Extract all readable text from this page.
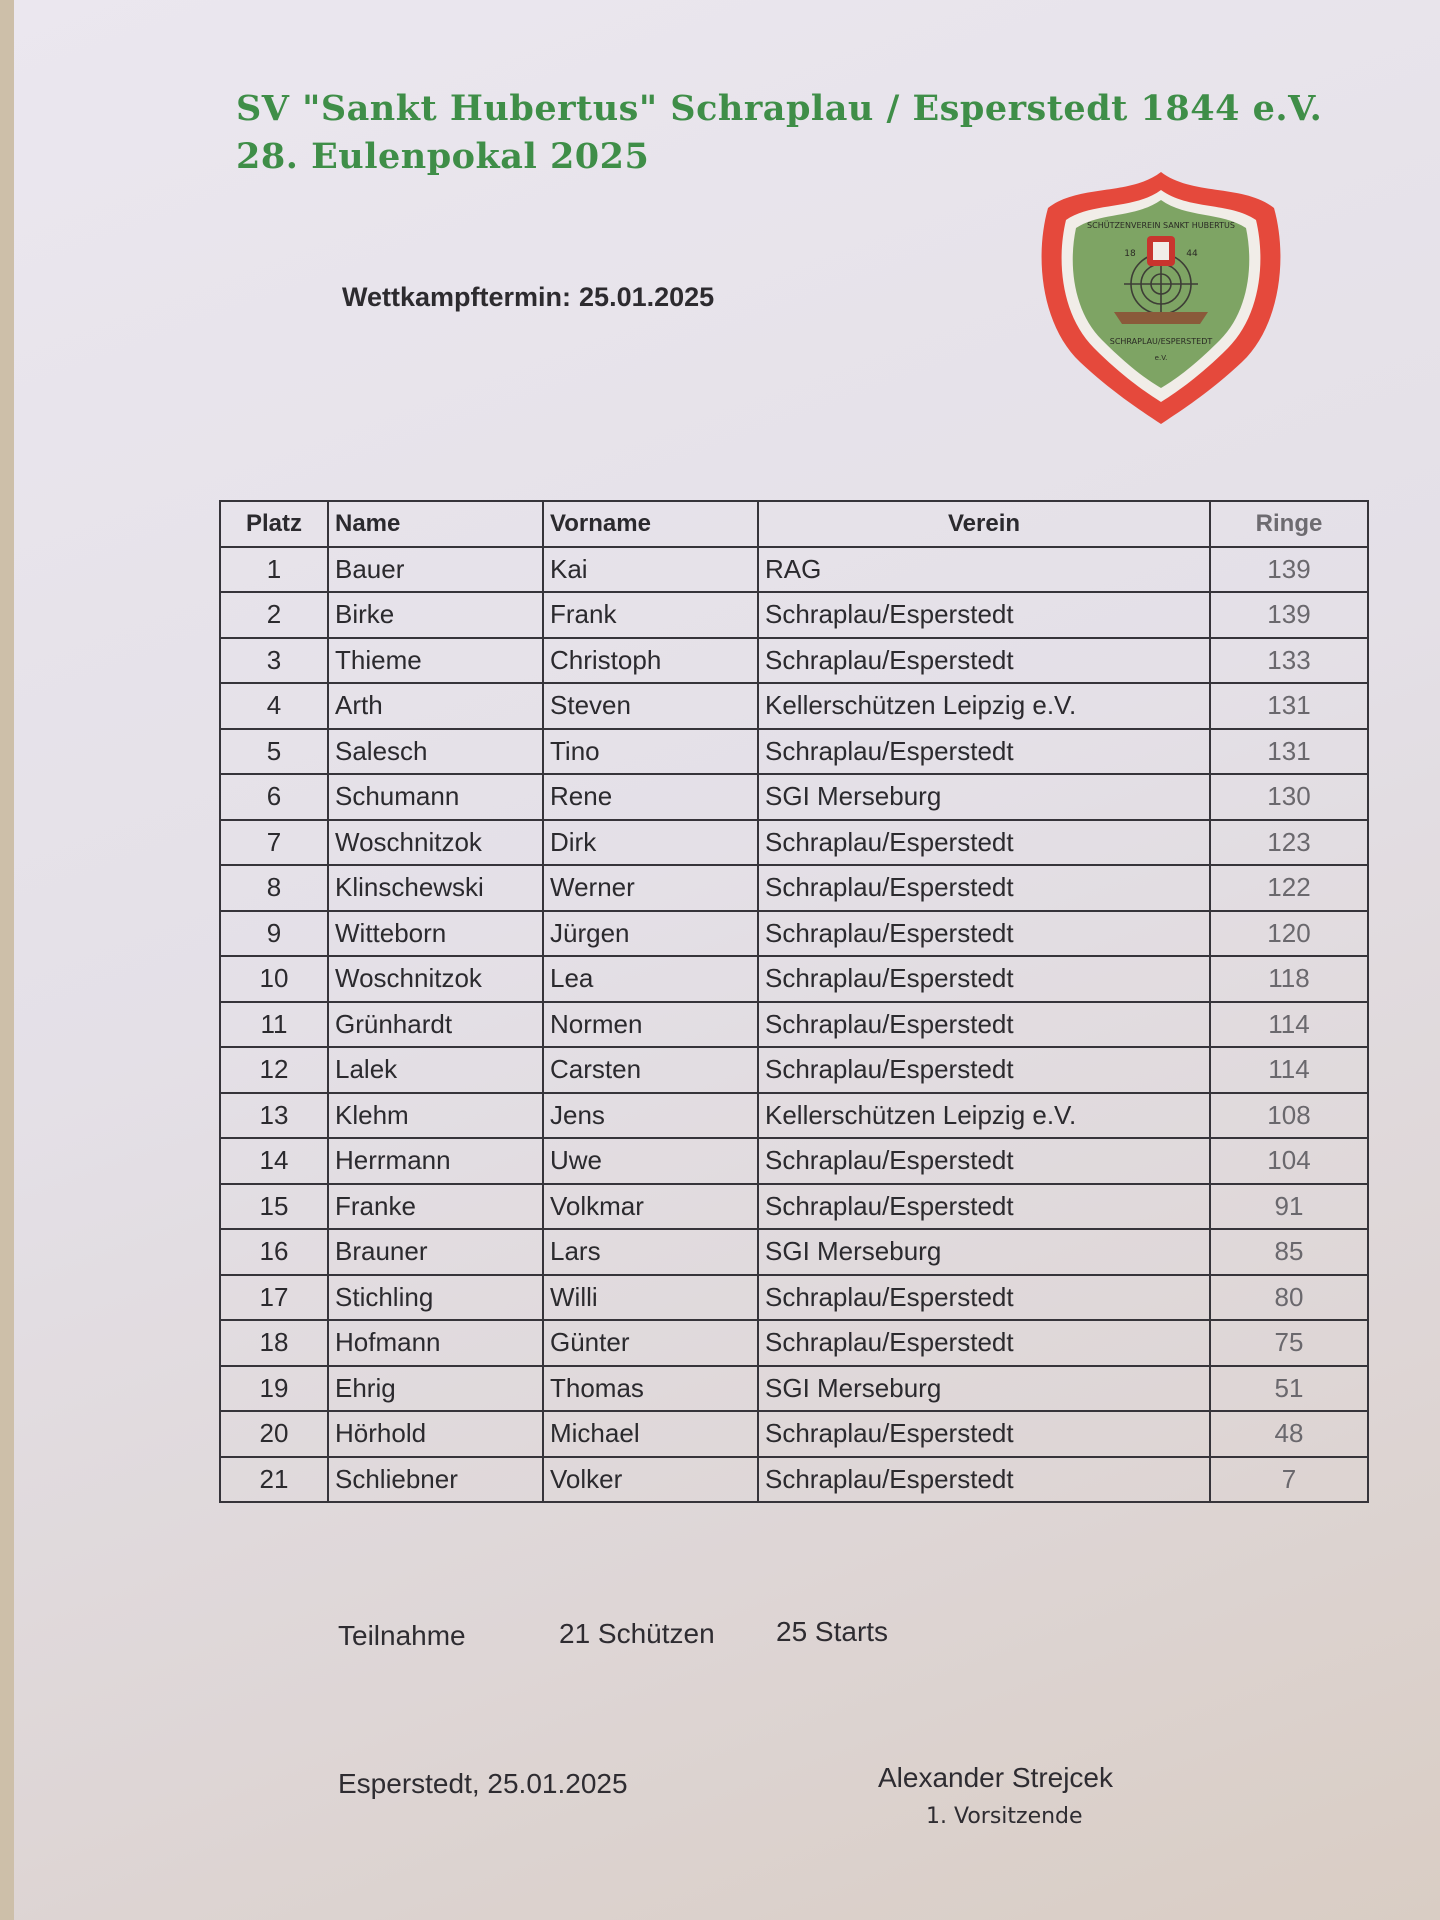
SV "Sankt Hubertus" Schraplau / Esperstedt 1844 e.V.
28. Eulenpokal 2025
Wettkampftermin: 25.01.2025
SCHÜTZENVEREIN SANKT HUBERTUS
18	44
SCHRAPLAU/ESPERSTEDT
e.V.
Platz	Name	Vorname	Verein	Ringe
1	Bauer	Kai	RAG	139
2	Birke	Frank	Schraplau/Esperstedt	139
3	Thieme	Christoph	Schraplau/Esperstedt	133
4	Arth	Steven	Kellerschützen Leipzig e.V.	131
5	Salesch	Tino	Schraplau/Esperstedt	131
6	Schumann	Rene	SGI Merseburg	130
7	Woschnitzok	Dirk	Schraplau/Esperstedt	123
8	Klinschewski	Werner	Schraplau/Esperstedt	122
9	Witteborn	Jürgen	Schraplau/Esperstedt	120
10	Woschnitzok	Lea	Schraplau/Esperstedt	118
11	Grünhardt	Normen	Schraplau/Esperstedt	114
12	Lalek	Carsten	Schraplau/Esperstedt	114
13	Klehm	Jens	Kellerschützen Leipzig e.V.	108
14	Herrmann	Uwe	Schraplau/Esperstedt	104
15	Franke	Volkmar	Schraplau/Esperstedt	91
16	Brauner	Lars	SGI Merseburg	85
17	Stichling	Willi	Schraplau/Esperstedt	80
18	Hofmann	Günter	Schraplau/Esperstedt	75
19	Ehrig	Thomas	SGI Merseburg	51
20	Hörhold	Michael	Schraplau/Esperstedt	48
21	Schliebner	Volker	Schraplau/Esperstedt	7
Teilnahme	21 Schützen 25 Starts
Esperstedt, 25.01.2025	Alexander Strejcek
1. Vorsitzende
